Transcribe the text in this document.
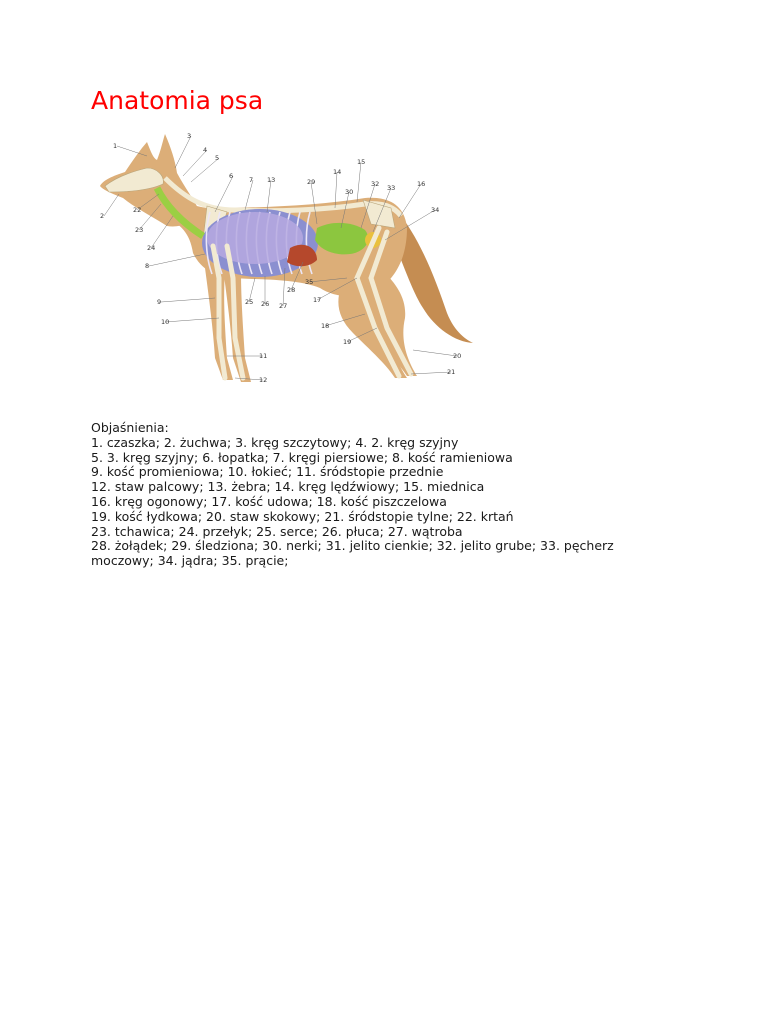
Anatomia psa
1
2
3
4
5
6 7
8
9
10
11
12
13
14
15
16
17
18
19
20
21
22
23
24
25 26 27
28
29
30
32 33
34
35
Objaśnienia:
1. czaszka; 2. żuchwa; 3. kręg szczytowy; 4. 2. kręg szyjny
5. 3. kręg szyjny; 6. łopatka; 7. kręgi piersiowe; 8. kość ramieniowa
9. kość promieniowa; 10. łokieć; 11. śródstopie przednie
12. staw palcowy; 13. żebra; 14. kręg lędźwiowy; 15. miednica
16. kręg ogonowy; 17. kość udowa; 18. kość piszczelowa
19. kość łydkowa; 20. staw skokowy; 21. śródstopie tylne; 22. krtań
23. tchawica; 24. przełyk; 25. serce; 26. płuca; 27. wątroba
28. żołądek; 29. śledziona; 30. nerki; 31. jelito cienkie; 32. jelito grube; 33. pęcherz
moczowy; 34. jądra; 35. prącie;
